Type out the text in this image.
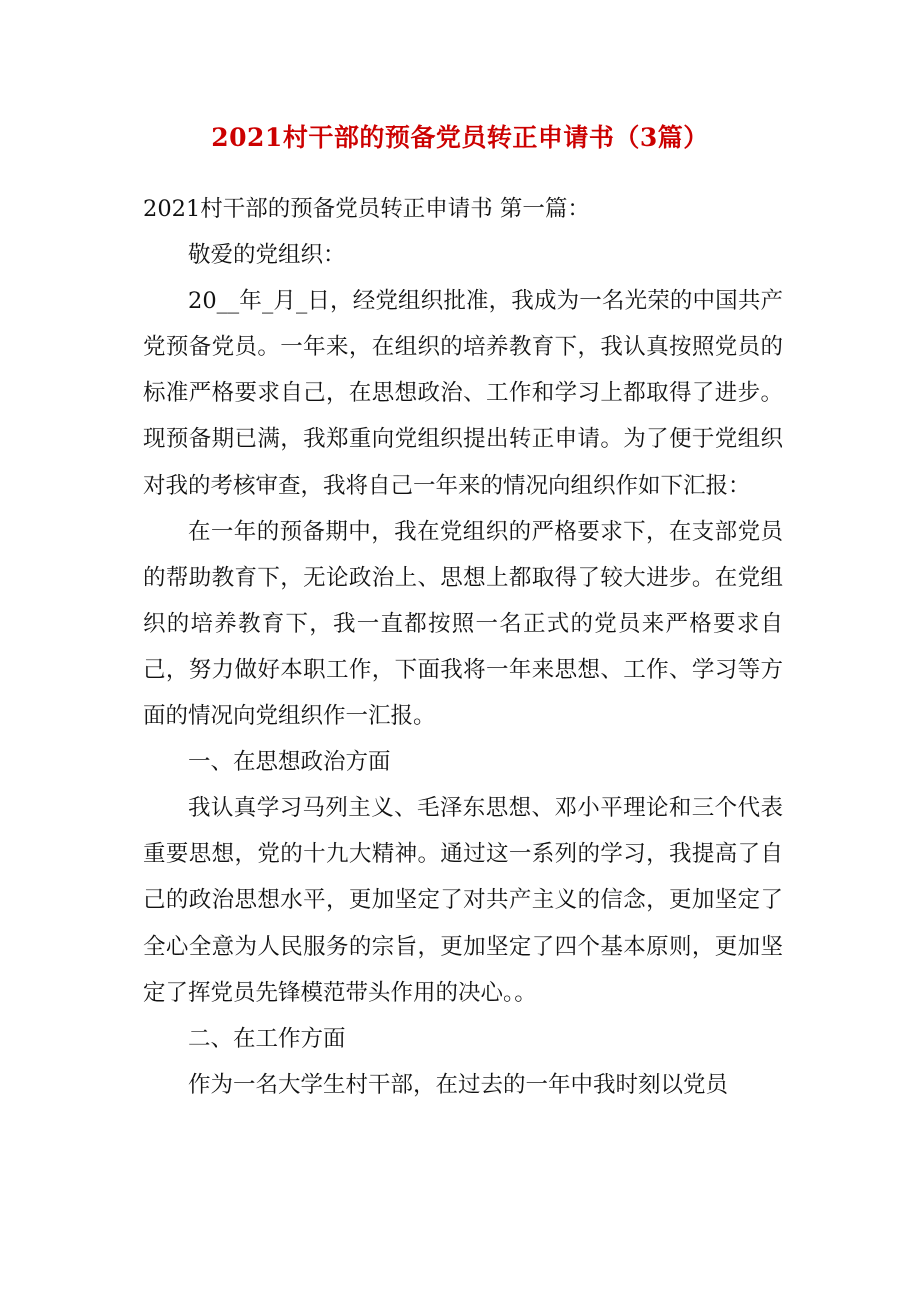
2021村干部的预备党员转正申请书（3篇）

2021村干部的预备党员转正申请书 第一篇：

敬爱的党组织：

20__年_月_日，经党组织批准，我成为一名光荣的中国共产党预备党员。一年来，在组织的培养教育下，我认真按照党员的标准严格要求自己，在思想政治、工作和学习上都取得了进步。现预备期已满，我郑重向党组织提出转正申请。为了便于党组织对我的考核审查，我将自己一年来的情况向组织作如下汇报：

在一年的预备期中，我在党组织的严格要求下，在支部党员的帮助教育下，无论政治上、思想上都取得了较大进步。在党组织的培养教育下，我一直都按照一名正式的党员来严格要求自己，努力做好本职工作，下面我将一年来思想、工作、学习等方面的情况向党组织作一汇报。

一、在思想政治方面

我认真学习马列主义、毛泽东思想、邓小平理论和三个代表重要思想，党的十九大精神。通过这一系列的学习，我提高了自己的政治思想水平，更加坚定了对共产主义的信念，更加坚定了全心全意为人民服务的宗旨，更加坚定了四个基本原则，更加坚定了挥党员先锋模范带头作用的决心。。

二、在工作方面

作为一名大学生村干部，在过去的一年中我时刻以党员
